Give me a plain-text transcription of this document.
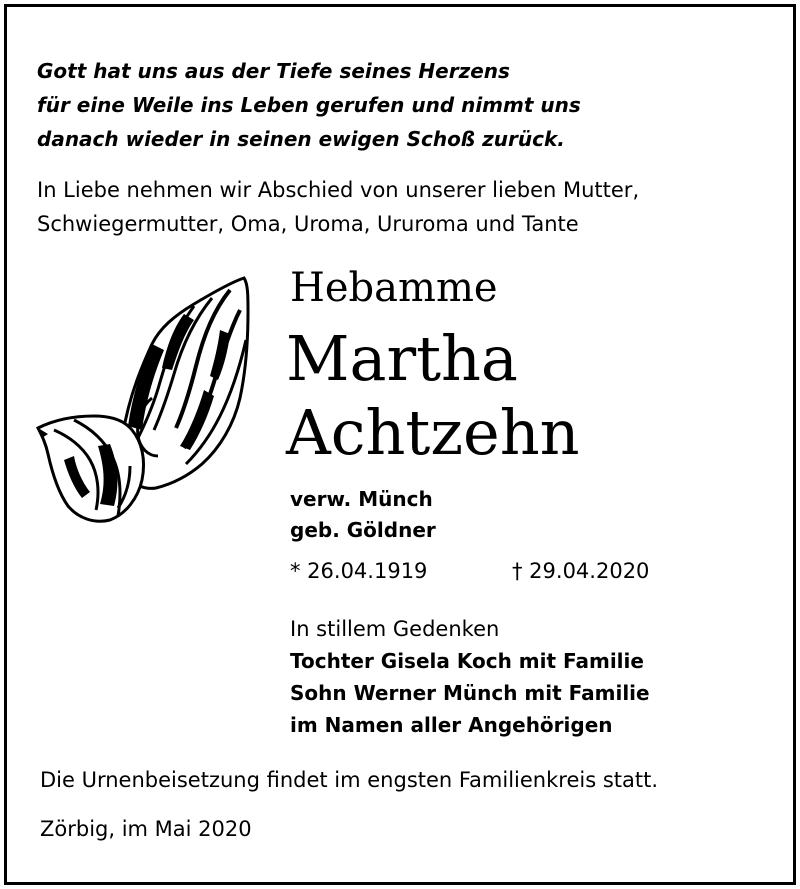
Gott hat uns aus der Tiefe seines Herzens
für eine Weile ins Leben gerufen und nimmt uns
danach wieder in seinen ewigen Schoß zurück.
In Liebe nehmen wir Abschied von unserer lieben Mutter,
Schwiegermutter, Oma, Uroma, Ururoma und Tante
Hebamme
Martha
Achtzehn
verw. Münch
geb. Göldner
* 26.04.1919	† 29.04.2020
In stillem Gedenken
Tochter Gisela Koch mit Familie
Sohn Werner Münch mit Familie
im Namen aller Angehörigen
Die Urnenbeisetzung findet im engsten Familienkreis statt.
Zörbig, im Mai 2020
